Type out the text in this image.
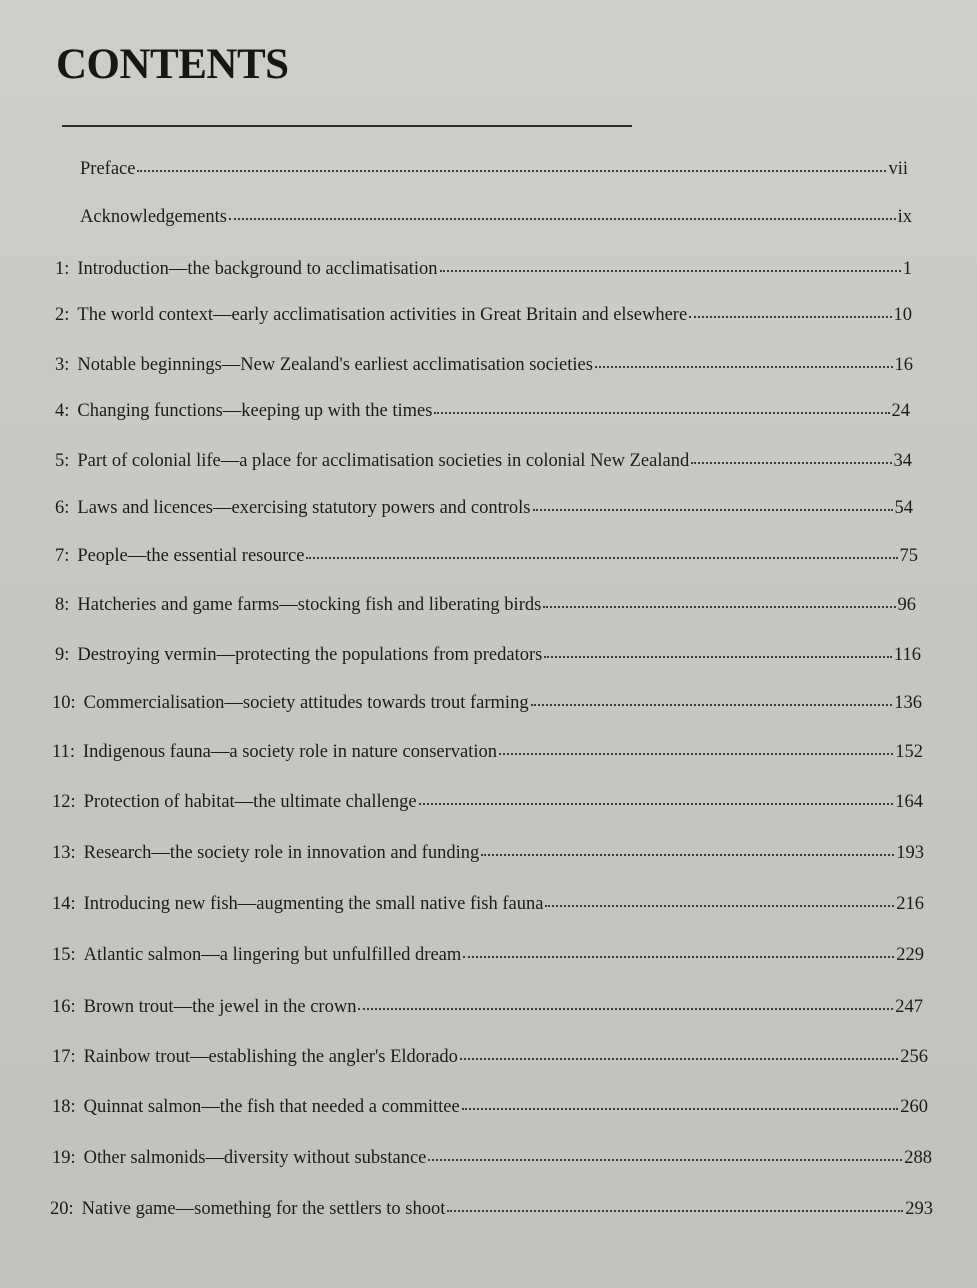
CONTENTS
Preface	vii
Acknowledgements	ix
1: Introduction—the background to acclimatisation	1
2: The world context—early acclimatisation activities in Great Britain and elsewhere	10
3: Notable beginnings—New Zealand's earliest acclimatisation societies	16
4: Changing functions—keeping up with the times	24
5: Part of colonial life—a place for acclimatisation societies in colonial New Zealand	34
6: Laws and licences—exercising statutory powers and controls	54
7: People—the essential resource	75
8: Hatcheries and game farms—stocking fish and liberating birds	96
9: Destroying vermin—protecting the populations from predators	116
10: Commercialisation—society attitudes towards trout farming	136
11: Indigenous fauna—a society role in nature conservation	152
12: Protection of habitat—the ultimate challenge	164
13: Research—the society role in innovation and funding	193
14: Introducing new fish—augmenting the small native fish fauna	216
15: Atlantic salmon—a lingering but unfulfilled dream	229
16: Brown trout—the jewel in the crown	247
17: Rainbow trout—establishing the angler's Eldorado	256
18: Quinnat salmon—the fish that needed a committee	260
19: Other salmonids—diversity without substance	288
20: Native game—something for the settlers to shoot	293
